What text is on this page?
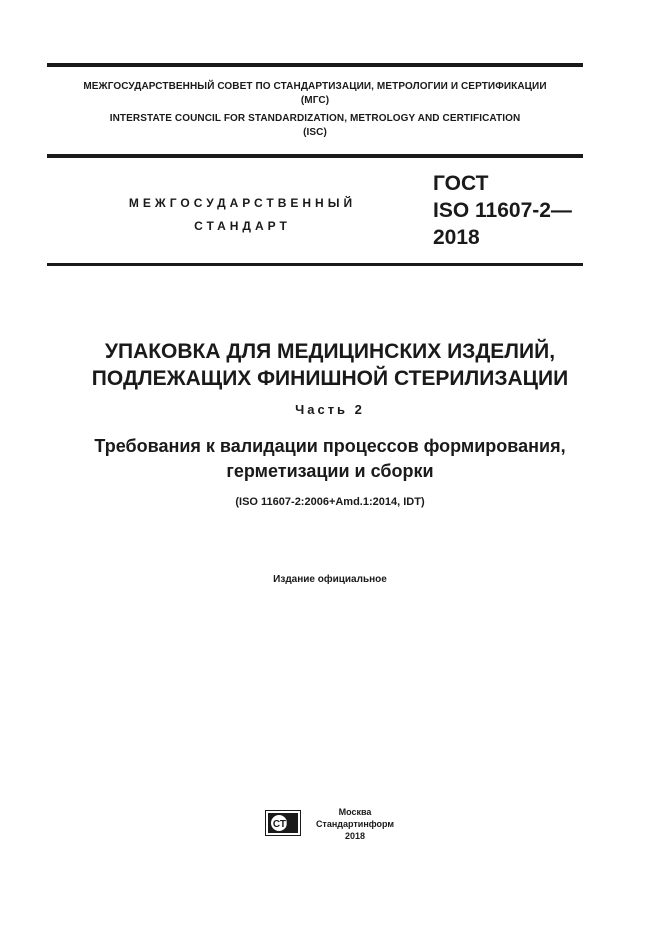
МЕЖГОСУДАРСТВЕННЫЙ СОВЕТ ПО СТАНДАРТИЗАЦИИ, МЕТРОЛОГИИ И СЕРТИФИКАЦИИ
(МГС)
INTERSTATE COUNCIL FOR STANDARDIZATION, METROLOGY AND CERTIFICATION
(ISC)
МЕЖГОСУДАРСТВЕННЫЙ
СТАНДАРТ
ГОСТ
ISO 11607-2—
2018
УПАКОВКА ДЛЯ МЕДИЦИНСКИХ ИЗДЕЛИЙ,
ПОДЛЕЖАЩИХ ФИНИШНОЙ СТЕРИЛИЗАЦИИ
Часть 2
Требования к валидации процессов формирования,
герметизации и сборки
(ISO 11607-2:2006+Amd.1:2014, IDT)
Издание официальное
СТИ
Москва
Стандартинформ
2018
